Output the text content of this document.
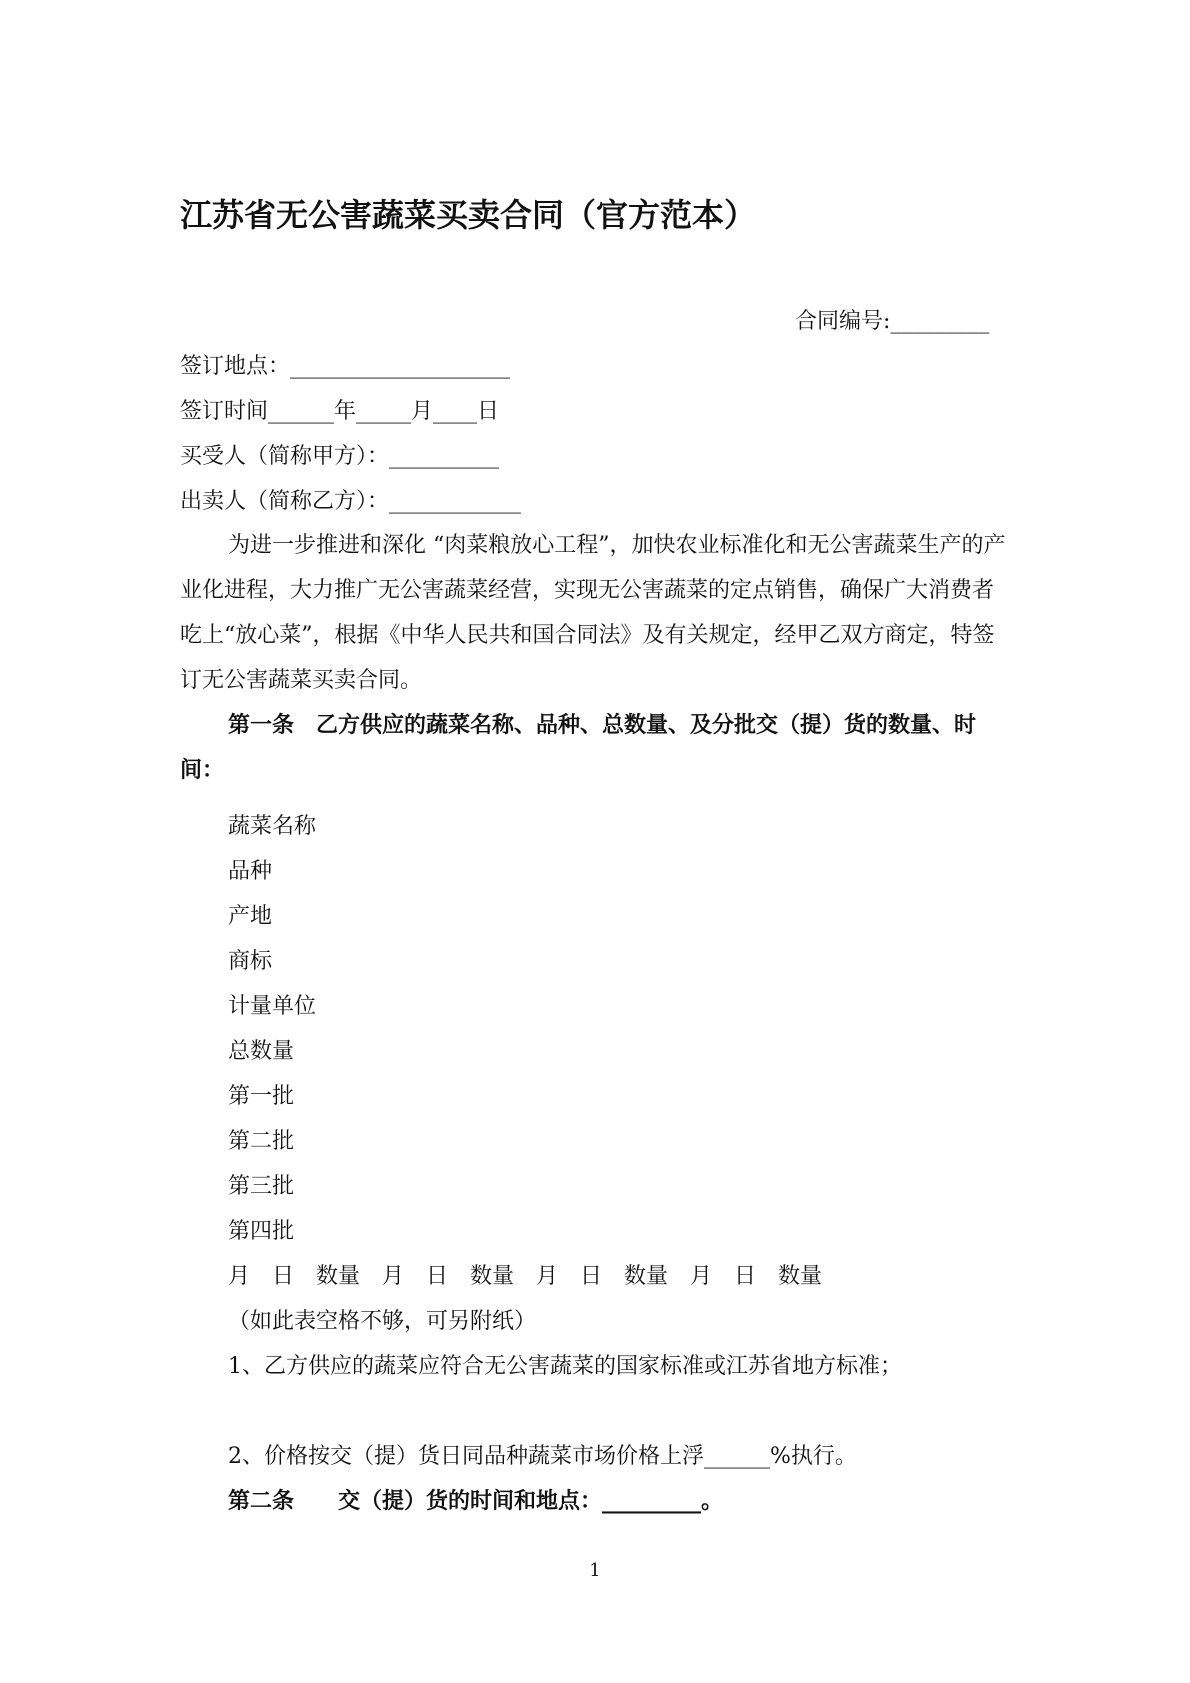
江苏省无公害蔬菜买卖合同（官方范本）
合同编号:_________
签订地点：____________________
签订时间______年_____月____日
买受人（简称甲方）：__________
出卖人（简称乙方）：____________
为进一步推进和深化 “肉菜粮放心工程”，加快农业标准化和无公害蔬菜生产的产业化进程，大力推广无公害蔬菜经营，实现无公害蔬菜的定点销售，确保广大消费者吃上“放心菜”，根据《中华人民共和国合同法》及有关规定，经甲乙双方商定，特签订无公害蔬菜买卖合同。
第一条　乙方供应的蔬菜名称、品种、总数量、及分批交（提）货的数量、时间：
蔬菜名称
品种
产地
商标
计量单位
总数量
第一批
第二批
第三批
第四批
月　日　数量　月　日　数量　月　日　数量　月　日　数量
（如此表空格不够，可另附纸）
1、乙方供应的蔬菜应符合无公害蔬菜的国家标准或江苏省地方标准；
2、价格按交（提）货日同品种蔬菜市场价格上浮______%执行。
第二条　　交（提）货的时间和地点：_________。
1
